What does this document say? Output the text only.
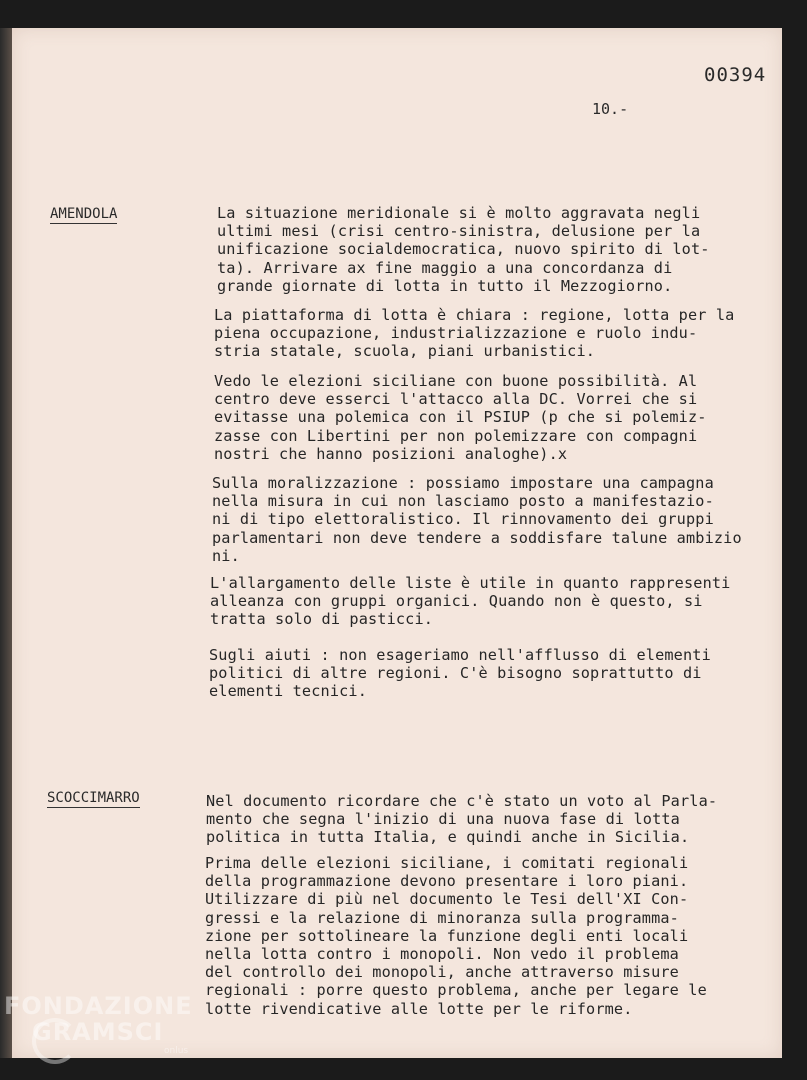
00394
10.-
AMENDOLA	La situazione meridionale si è molto aggravata negli
ultimi mesi (crisi centro-sinistra, delusione per la
unificazione socialdemocratica, nuovo spirito di lot-
ta). Arrivare ax fine maggio a una concordanza di
grande giornate di lotta in tutto il Mezzogiorno.

La piattaforma di lotta è chiara : regione, lotta per la
piena occupazione, industrializzazione e ruolo indu-
stria statale, scuola, piani urbanistici.

Vedo le elezioni siciliane con buone possibilità. Al
centro deve esserci l'attacco alla DC. Vorrei che si
evitasse una polemica con il PSIUP (p che si polemiz-
zasse con Libertini per non polemizzare con compagni
nostri che hanno posizioni analoghe).x

Sulla moralizzazione : possiamo impostare una campagna
nella misura in cui non lasciamo posto a manifestazio-
ni di tipo elettoralistico. Il rinnovamento dei gruppi
parlamentari non deve tendere a soddisfare talune ambizio
ni.

L'allargamento delle liste è utile in quanto rappresenti
alleanza con gruppi organici. Quando non è questo, si
tratta solo di pasticci.

Sugli aiuti : non esageriamo nell'afflusso di elementi
politici di altre regioni. C'è bisogno soprattutto di
elementi tecnici.

SCOCCIMARRO	Nel documento ricordare che c'è stato un voto al Parla-
mento che segna l'inizio di una nuova fase di lotta
politica in tutta Italia, e quindi anche in Sicilia.

Prima delle elezioni siciliane, i comitati regionali
della programmazione devono presentare i loro piani.
Utilizzare di più nel documento le Tesi dell'XI Con-
gressi e la relazione di minoranza sulla programma-
zione per sottolineare la funzione degli enti locali
nella lotta contro i monopoli. Non vedo il problema
del controllo dei monopoli, anche attraverso misure
regionali : porre questo problema, anche per legare le
lotte rivendicative alle lotte per le riforme.

FONDAZIONE
GRAMSCI
onlus
